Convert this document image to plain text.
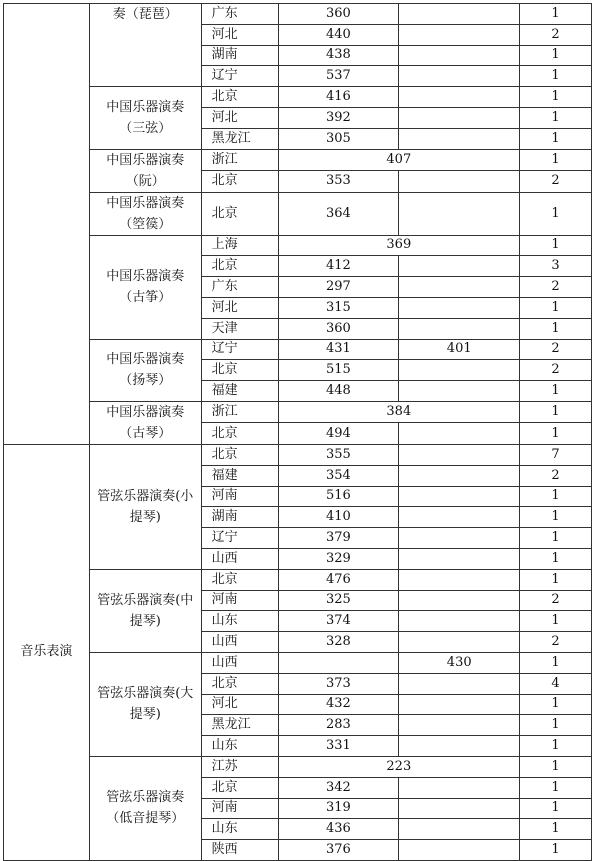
	奏（琵琶）	广东	360		1
		河北	440		2
		湖南	438		1
		辽宁	537		1
	中国乐器演奏（三弦）	北京	416		1
		河北	392		1
		黑龙江	305		1
	中国乐器演奏（阮）	浙江	407		1
		北京	353		2
	中国乐器演奏（箜篌）	北京	364		1
	中国乐器演奏（古筝）	上海	369		1
		北京	412		3
		广东	297		2
		河北	315		1
		天津	360		1
	中国乐器演奏（扬琴）	辽宁	431	401	2
		北京	515		2
		福建	448		1
	中国乐器演奏（古琴）	浙江	384		1
		北京	494		1
音乐表演	管弦乐器演奏(小提琴)	北京	355		7
		福建	354		2
		河南	516		1
		湖南	410		1
		辽宁	379		1
		山西	329		1
	管弦乐器演奏(中提琴)	北京	476		1
		河南	325		2
		山东	374		1
		山西	328		2
	管弦乐器演奏(大提琴)	山西		430	1
		北京	373		4
		河北	432		1
		黑龙江	283		1
		山东	331		1
	管弦乐器演奏（低音提琴）	江苏	223		1
		北京	342		1
		河南	319		1
		山东	436		1
		陕西	376		1
